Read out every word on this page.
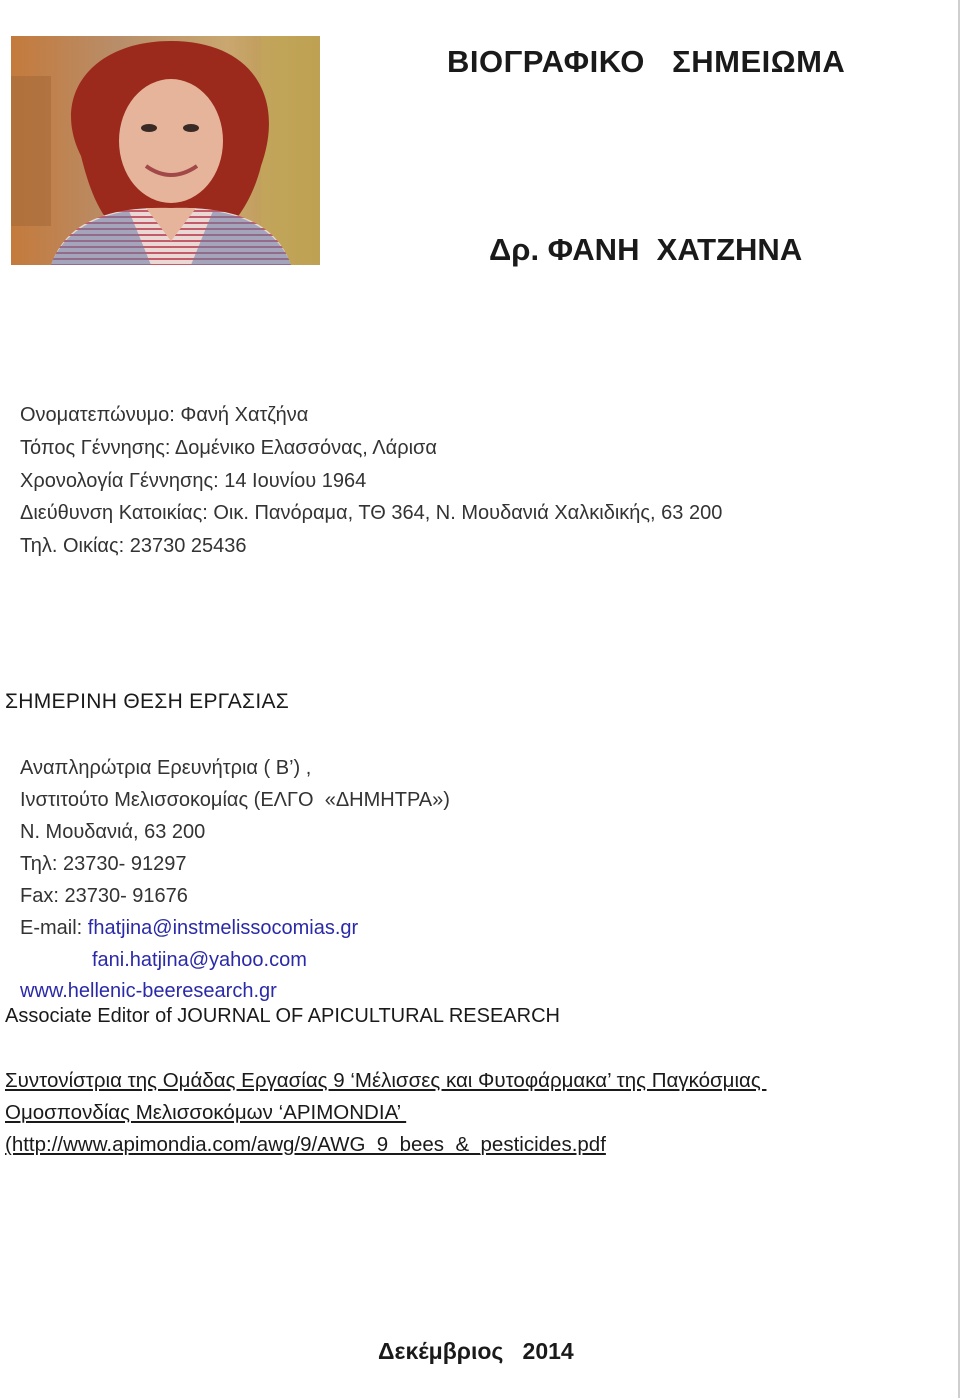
ΒΙΟΓΡΑΦΙΚΟ   ΣΗΜΕΙΩΜΑ
Δρ. ΦΑΝΗ  ΧΑΤΖΗΝΑ
Ονοματεπώνυμο: Φανή Χατζήνα
Τόπος Γέννησης: Δομένικο Ελασσόνας, Λάρισα
Χρονολογία Γέννησης: 14 Ιουνίου 1964
Διεύθυνση Κατοικίας: Οικ. Πανόραμα, ΤΘ 364, Ν. Μουδανιά Χαλκιδικής, 63 200
Τηλ. Οικίας: 23730 25436
ΣΗΜΕΡΙΝΗ ΘΕΣΗ ΕΡΓΑΣΙΑΣ
Αναπληρώτρια Ερευνήτρια ( Β’) ,
Ινστιτούτο Μελισσοκομίας (ΕΛΓΟ  «ΔΗΜΗΤΡΑ»)
Ν. Μουδανιά, 63 200
Τηλ: 23730- 91297
Fax: 23730- 91676
E-mail: fhatjina@instmelissocomias.gr
fani.hatjina@yahoo.com
www.hellenic-beeresearch.gr
Associate Editor of JOURNAL OF APICULTURAL RESEARCH
Συντονίστρια της Ομάδας Εργασίας 9 ‘Μέλισσες και Φυτοφάρμακα’ της Παγκόσμιας
Ομοσπονδίας Μελισσοκόμων ‘APIMONDIA’
(http://www.apimondia.com/awg/9/AWG_9_bees_&_pesticides.pdf
Δεκέμβριος   2014
